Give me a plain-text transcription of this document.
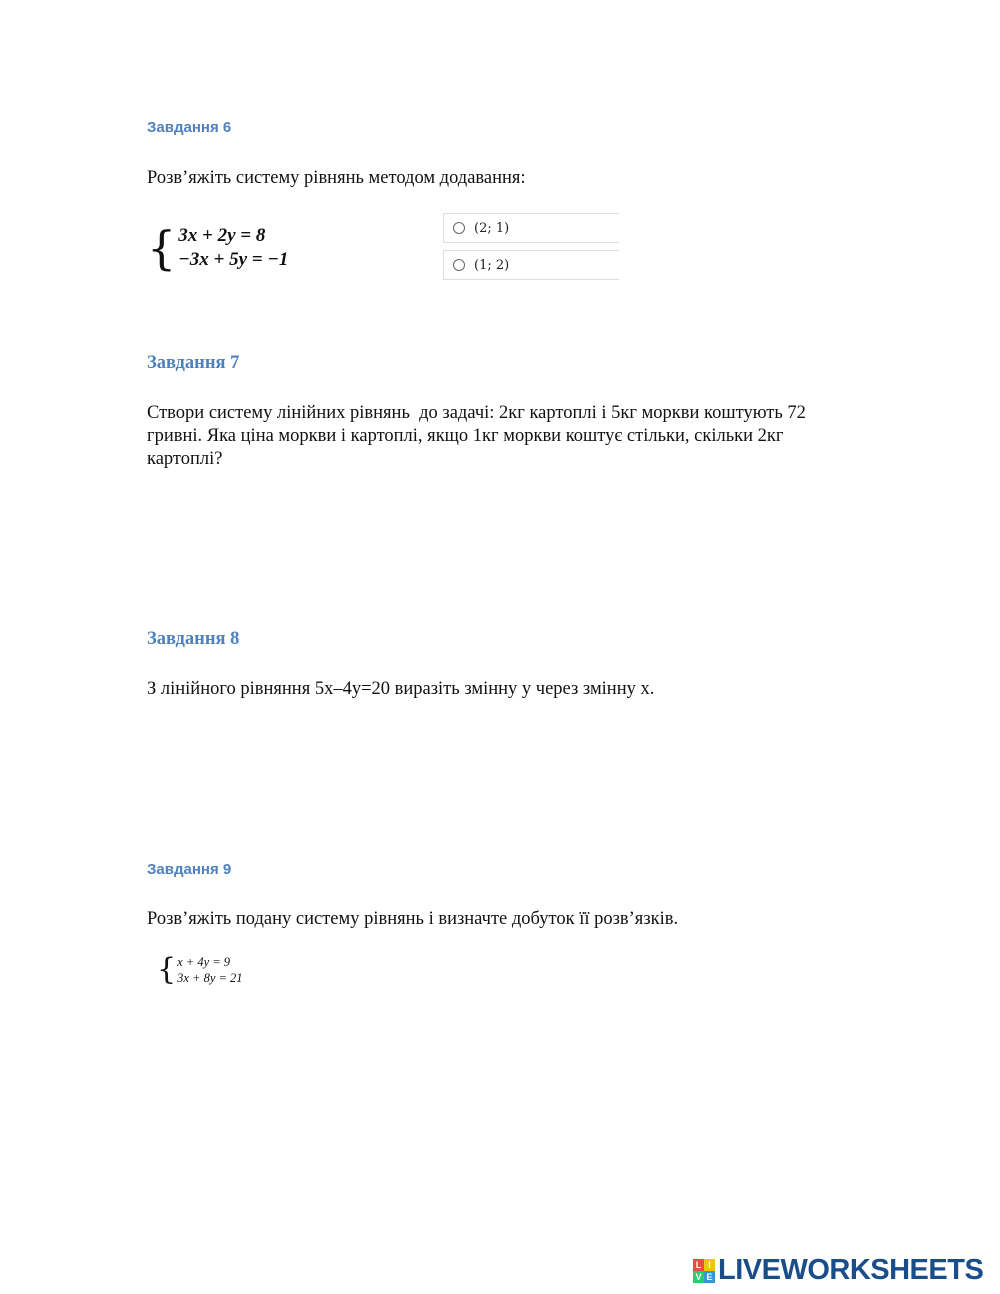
Завдання 6
Розв’яжіть систему рівнянь методом додавання:
{ 3x + 2y = 8
−3x + 5y = −1
(2; 1)
(1; 2)
Завдання 7
Створи систему лінійних рівнянь  до задачі: 2кг картоплі і 5кг моркви коштують 72
гривні. Яка ціна моркви і картоплі, якщо 1кг моркви коштує стільки, скільки 2кг
картоплі?
Завдання 8
З лінійного рівняння 5х–4у=20 виразіть змінну у через змінну х.
Завдання 9
Розв’яжіть подану систему рівнянь і визначте добуток її розв’язків.
{ x + 4y = 9
3x + 8y = 21
L I
V E LIVEWORKSHEETS
